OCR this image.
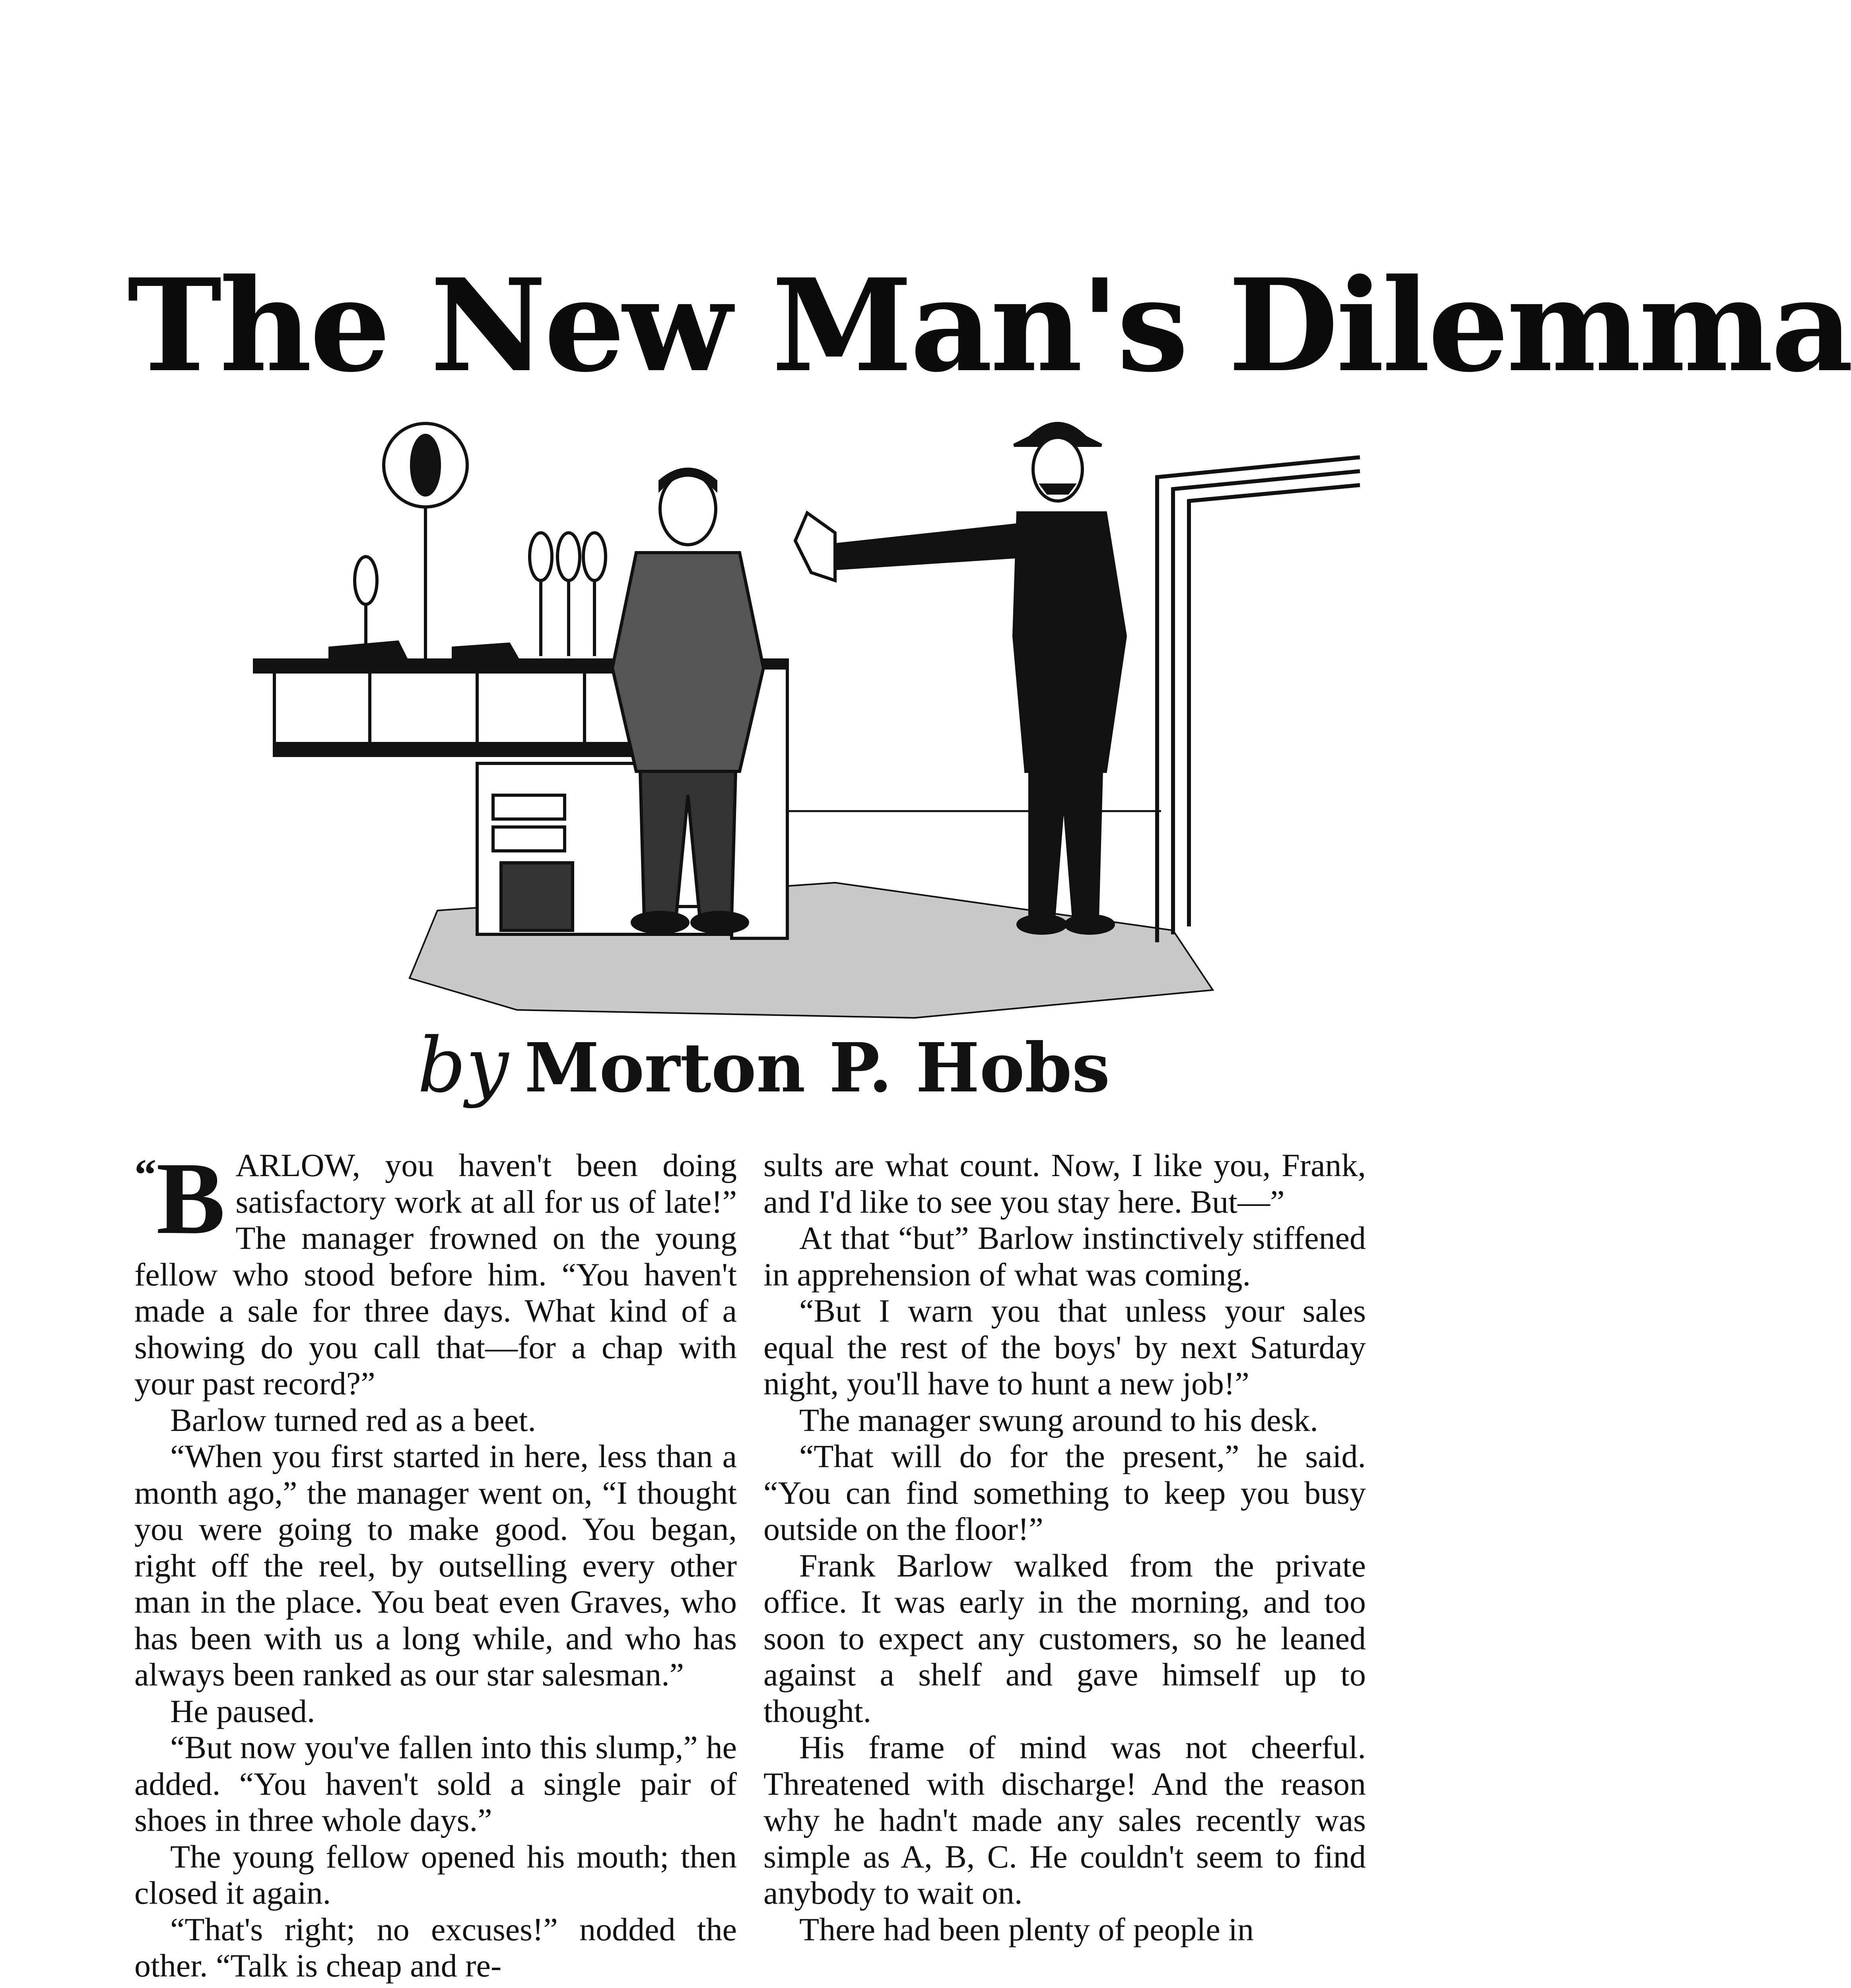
The New Man's Dilemma
by Morton P. Hobs

“B ARLOW, you haven't been doing satisfactory work at all for us of late!” The manager frowned on the young fellow who stood before him. “You haven't made a sale for three days. What kind of a showing do you call that—for a chap with your past record?”

Barlow turned red as a beet.

“When you first started in here, less than a month ago,” the manager went on, “I thought you were going to make good. You began, right off the reel, by outselling every other man in the place. You beat even Graves, who has been with us a long while, and who has always been ranked as our star salesman.”

He paused.

“But now you've fallen into this slump,” he added. “You haven't sold a single pair of shoes in three whole days.”

The young fellow opened his mouth; then closed it again.

“That's right; no excuses!” nodded the other. “Talk is cheap and re-

sults are what count. Now, I like you, Frank, and I'd like to see you stay here. But—”

At that “but” Barlow instinctively stiffened in apprehension of what was coming.

“But I warn you that unless your sales equal the rest of the boys' by next Saturday night, you'll have to hunt a new job!”

The manager swung around to his desk.

“That will do for the present,” he said. “You can find something to keep you busy outside on the floor!”

Frank Barlow walked from the private office. It was early in the morning, and too soon to expect any customers, so he leaned against a shelf and gave himself up to thought.

His frame of mind was not cheerful. Threatened with discharge! And the reason why he hadn't made any sales recently was simple as A, B, C. He couldn't seem to find anybody to wait on.

There had been plenty of people in
